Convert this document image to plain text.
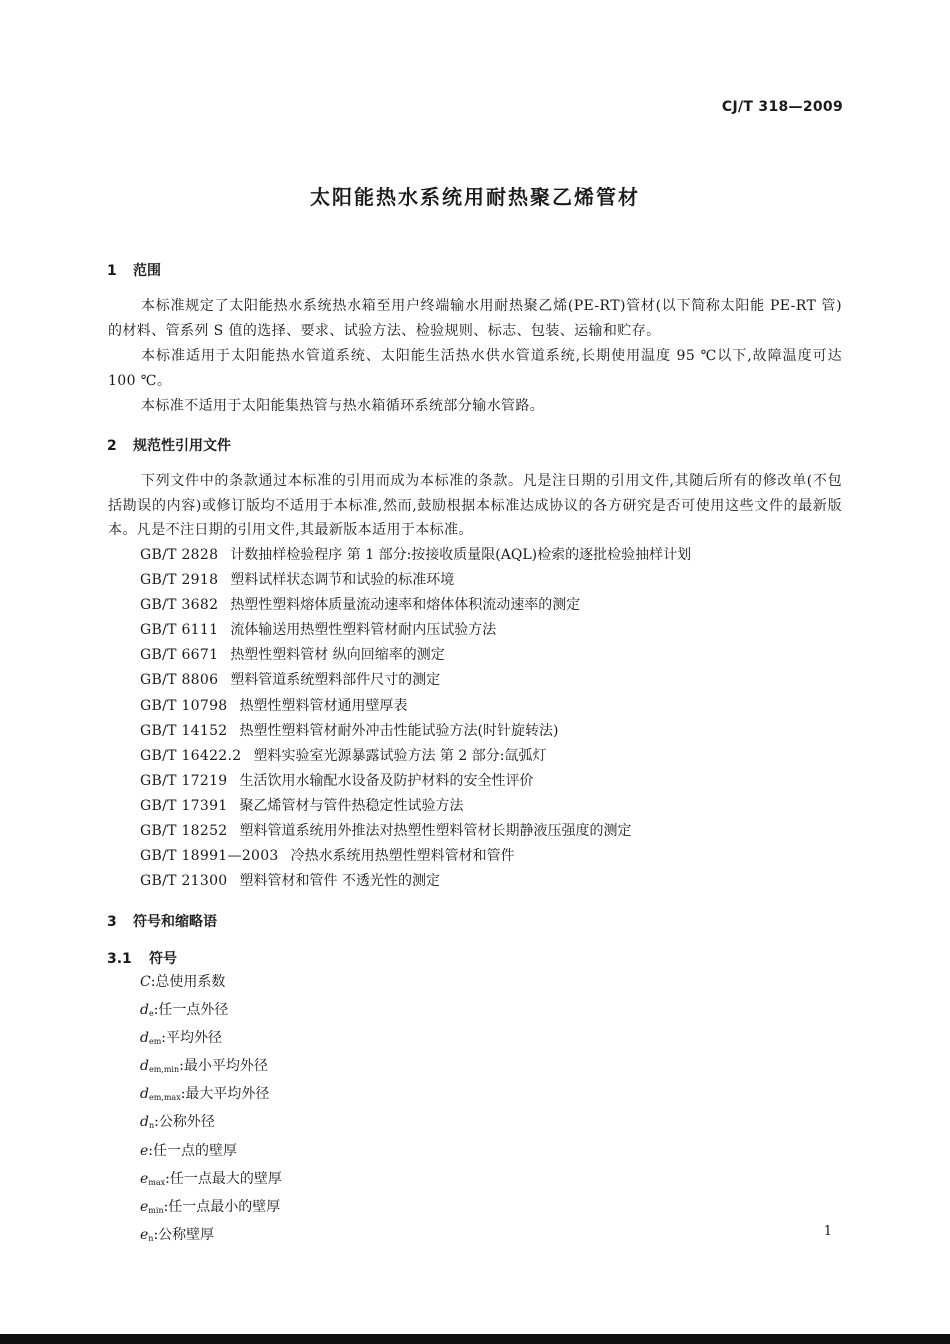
CJ/T 318—2009
太阳能热水系统用耐热聚乙烯管材
1 范围

本标准规定了太阳能热水系统热水箱至用户终端输水用耐热聚乙烯(PE-RT)管材(以下简称太阳能 PE-RT 管)的材料、管系列 S 值的选择、要求、试验方法、检验规则、标志、包装、运输和贮存。

本标准适用于太阳能热水管道系统、太阳能生活热水供水管道系统,长期使用温度 95 ℃以下,故障温度可达 100 ℃。

本标准不适用于太阳能集热管与热水箱循环系统部分输水管路。

2 规范性引用文件

下列文件中的条款通过本标准的引用而成为本标准的条款。凡是注日期的引用文件,其随后所有的修改单(不包括勘误的内容)或修订版均不适用于本标准,然而,鼓励根据本标准达成协议的各方研究是否可使用这些文件的最新版本。凡是不注日期的引用文件,其最新版本适用于本标准。

GB/T 2828 计数抽样检验程序 第 1 部分:按接收质量限(AQL)检索的逐批检验抽样计划
GB/T 2918 塑料试样状态调节和试验的标准环境
GB/T 3682 热塑性塑料熔体质量流动速率和熔体体积流动速率的测定
GB/T 6111 流体输送用热塑性塑料管材耐内压试验方法
GB/T 6671 热塑性塑料管材 纵向回缩率的测定
GB/T 8806 塑料管道系统塑料部件尺寸的测定
GB/T 10798 热塑性塑料管材通用壁厚表
GB/T 14152 热塑性塑料管材耐外冲击性能试验方法(时针旋转法)
GB/T 16422.2 塑料实验室光源暴露试验方法 第 2 部分:氙弧灯
GB/T 17219 生活饮用水输配水设备及防护材料的安全性评价
GB/T 17391 聚乙烯管材与管件热稳定性试验方法
GB/T 18252 塑料管道系统用外推法对热塑性塑料管材长期静液压强度的测定
GB/T 18991—2003 冷热水系统用热塑性塑料管材和管件
GB/T 21300 塑料管材和管件 不透光性的测定
3 符号和缩略语
3.1 符号
C:总使用系数
$d_e$:任一点外径
$d_{em}$:平均外径
$d_{em,min}$:最小平均外径
$d_{em,max}$:最大平均外径
$d_n$:公称外径
e:任一点的壁厚
$e_{max}$:任一点最大的壁厚
$e_{min}$:任一点最小的壁厚
$e_n$:公称壁厚	1
